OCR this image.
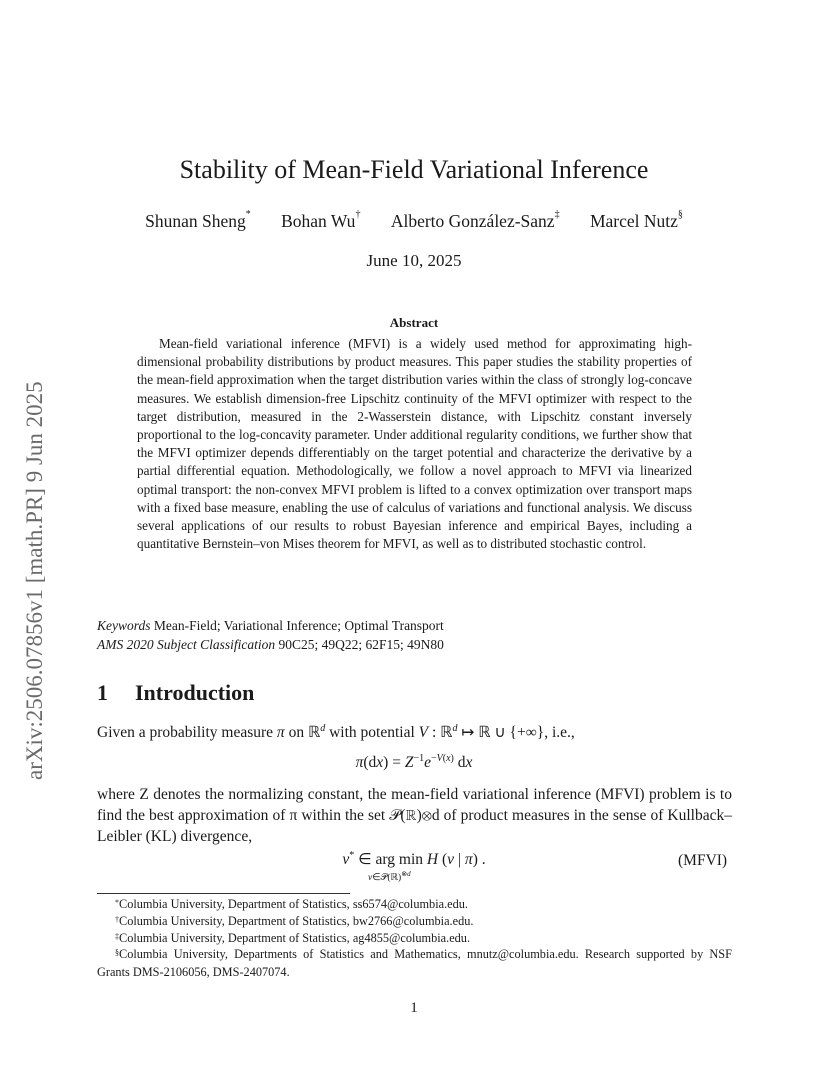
arXiv:2506.07856v1 [math.PR] 9 Jun 2025
Stability of Mean-Field Variational Inference
Shunan Sheng* Bohan Wu† Alberto González-Sanz‡ Marcel Nutz§
June 10, 2025
Abstract
Mean-field variational inference (MFVI) is a widely used method for approximating high-dimensional probability distributions by product measures. This paper studies the stability properties of the mean-field approximation when the target distribution varies within the class of strongly log-concave measures. We establish dimension-free Lipschitz continuity of the MFVI optimizer with respect to the target distribution, measured in the 2-Wasserstein distance, with Lipschitz constant inversely proportional to the log-concavity parameter. Under additional regularity conditions, we further show that the MFVI optimizer depends differentiably on the target potential and characterize the derivative by a partial differential equation. Methodologically, we follow a novel approach to MFVI via linearized optimal transport: the non-convex MFVI problem is lifted to a convex optimization over transport maps with a fixed base measure, enabling the use of calculus of variations and functional analysis. We discuss several applications of our results to robust Bayesian inference and empirical Bayes, including a quantitative Bernstein–von Mises theorem for MFVI, as well as to distributed stochastic control.
Keywords Mean-Field; Variational Inference; Optimal Transport
AMS 2020 Subject Classification 90C25; 49Q22; 62F15; 49N80
1 Introduction
Given a probability measure π on ℝ$^d$ with potential V : ℝ$^d$ ↦ ℝ ∪ {+∞}, i.e.,
$\pi(dx) = Z^{-1}e^{-V(x)}$ dx
where Z denotes the normalizing constant, the mean-field variational inference (MFVI) problem is to find the best approximation of π within the set 𝒫(ℝ)⊗d of product measures in the sense of Kullback–Leibler (KL) divergence,
ν* ∈ arg min H (ν | π) .
ν∈𝒫(ℝ)$^{\otimes d}$
(MFVI)
*Columbia University, Department of Statistics, ss6574@columbia.edu.
†Columbia University, Department of Statistics, bw2766@columbia.edu.
‡Columbia University, Department of Statistics, ag4855@columbia.edu.
§Columbia University, Departments of Statistics and Mathematics, mnutz@columbia.edu. Research supported by NSF Grants DMS-2106056, DMS-2407074.
1
